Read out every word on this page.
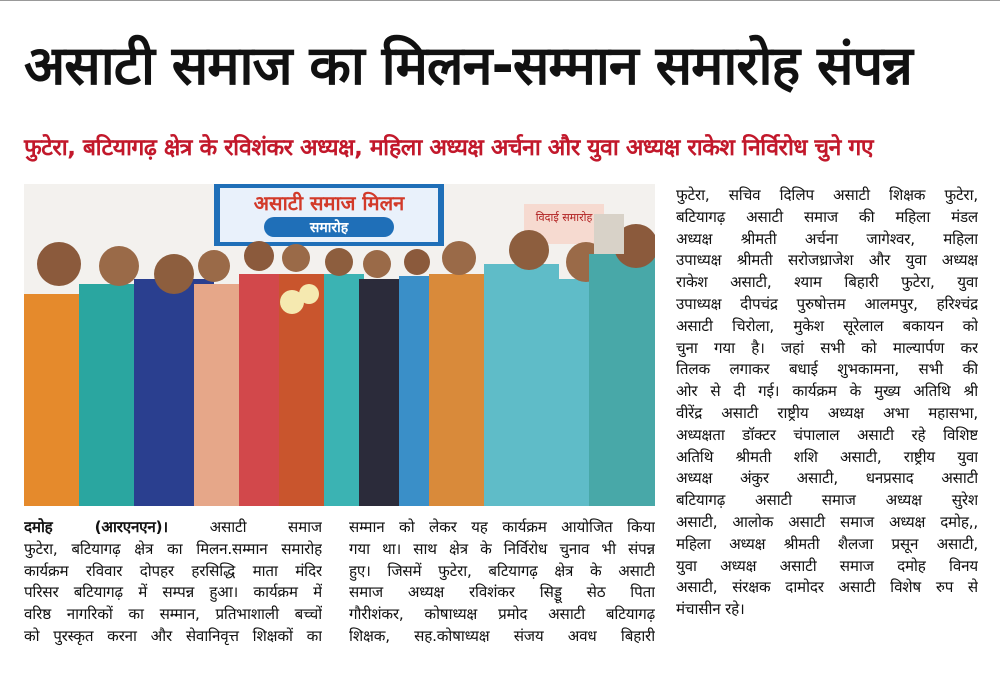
असाटी समाज का मिलन-सम्मान समारोह संपन्न
फुटेरा, बटियागढ़ क्षेत्र के रविशंकर अध्यक्ष, महिला अध्यक्ष अर्चना और युवा अध्यक्ष राकेश निर्विरोध चुने गए
असाटी समाज मिलन
समारोह
विदाई समारोह
दमोह (आरएनएन)।	असाटी समाज
फुटेरा, बटियागढ़ क्षेत्र का मिलन.सम्मान समारोह
कार्यक्रम रविवार दोपहर हरसिद्धि माता मंदिर
परिसर बटियागढ़ में सम्पन्न हुआ। कार्यक्रम में
वरिष्ठ नागरिकों का सम्मान, प्रतिभाशाली बच्चों
को पुरस्कृत करना और सेवानिवृत्त शिक्षकों का
सम्मान को लेकर यह कार्यक्रम आयोजित किया
गया था। साथ क्षेत्र के निर्विरोध चुनाव भी संपन्न
हुए। जिसमें फुटेरा, बटियागढ़ क्षेत्र के असाटी
समाज अध्यक्ष रविशंकर सिड्डू सेठ पिता
गौरीशंकर, कोषाध्यक्ष प्रमोद असाटी बटियागढ़
शिक्षक, सह.कोषाध्यक्ष संजय अवध बिहारी
फुटेरा, सचिव दिलिप असाटी शिक्षक फुटेरा,
बटियागढ़ असाटी समाज की महिला मंडल
अध्यक्ष श्रीमती अर्चना जागेश्वर, महिला
उपाध्यक्ष श्रीमती सरोजध्राजेश और युवा अध्यक्ष
राकेश असाटी, श्याम बिहारी फुटेरा, युवा
उपाध्यक्ष दीपचंद्र पुरुषोत्तम आलमपुर, हरिश्चंद्र
असाटी चिरोला, मुकेश सूरेलाल बकायन को
चुना गया है। जहां सभी को माल्यार्पण कर
तिलक लगाकर बधाई शुभकामना, सभी की
ओर से दी गई। कार्यक्रम के मुख्य अतिथि श्री
वीरेंद्र असाटी राष्ट्रीय अध्यक्ष अभा महासभा,
अध्यक्षता डॉक्टर चंपालाल असाटी रहे विशिष्ट
अतिथि श्रीमती शशि असाटी, राष्ट्रीय युवा
अध्यक्ष अंकुर असाटी, धनप्रसाद असाटी
बटियागढ़ असाटी समाज अध्यक्ष सुरेश
असाटी, आलोक असाटी समाज अध्यक्ष दमोह,,
महिला अध्यक्ष श्रीमती शैलजा प्रसून असाटी,
युवा अध्यक्ष असाटी समाज दमोह विनय
असाटी, संरक्षक दामोदर असाटी विशेष रुप से
मंचासीन रहे।
